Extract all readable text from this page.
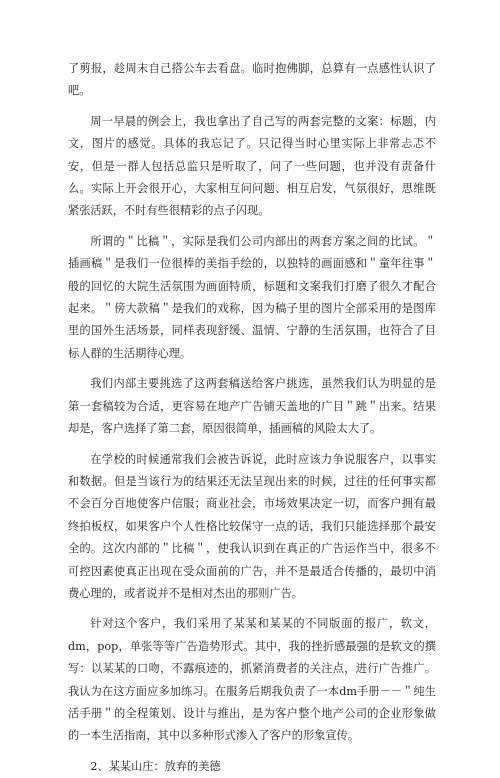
了剪报，趁周末自己搭公车去看盘。临时抱佛脚，总算有一点感性认识了吧。

周一早晨的例会上，我也拿出了自己写的两套完整的文案：标题，内文，图片的感觉。具体的我忘记了。只记得当时心里实际上非常忐忑不安，但是一群人包括总监只是听取了，问了一些问题，也并没有责备什么。实际上开会很开心，大家相互问问题、相互启发，气氛很好，思维既紧张活跃，不时有些很精彩的点子闪现。

所谓的＂比稿＂，实际是我们公司内部出的两套方案之间的比试。＂插画稿＂是我们一位很棒的美指手绘的，以独特的画面感和＂童年往事＂般的回忆的大院生活氛围为画面特质，标题和文案我们打磨了很久才配合起来。＂傍大款稿＂是我们的戏称，因为稿子里的图片全部采用的是图库里的国外生活场景，同样表现舒缓、温情、宁静的生活氛围，也符合了目标人群的生活期待心理。

我们内部主要挑选了这两套稿送给客户挑选，虽然我们认为明显的是第一套稿较为合适，更容易在地产广告铺天盖地的广目＂跳＂出来。结果却是，客户选择了第二套，原因很简单，插画稿的风险太大了。

在学校的时候通常我们会被告诉说，此时应该力争说服客户，以事实和数据。但是当该行为的结果还无法呈现出来的时候，过往的任何事实都不会百分百地使客户信服；商业社会，市场效果决定一切，而客户拥有最终拍板权，如果客户个人性格比较保守一点的话，我们只能选择那个最安全的。这次内部的＂比稿＂，使我认识到在真正的广告运作当中，很多不可控因素使真正出现在受众面前的广告，并不是最适合传播的，最切中消费心理的，或者说并不是相对杰出的那则广告。

针对这个客户，我们采用了某某和某某的不同版面的报广，软文，dm，pop，单张等等广告造势形式。其中，我的挫折感最强的是软文的撰写：以某某的口吻，不露痕迹的，抓紧消费者的关注点，进行广告推广。我认为在这方面应多加练习。在服务后期我负责了一本dm手册－－＂纯生活手册＂的全程策划、设计与推出，是为客户整个地产公司的企业形象做的一本生活指南，其中以多种形式渗入了客户的形象宣传。

2、某某山庄：放弃的美德
